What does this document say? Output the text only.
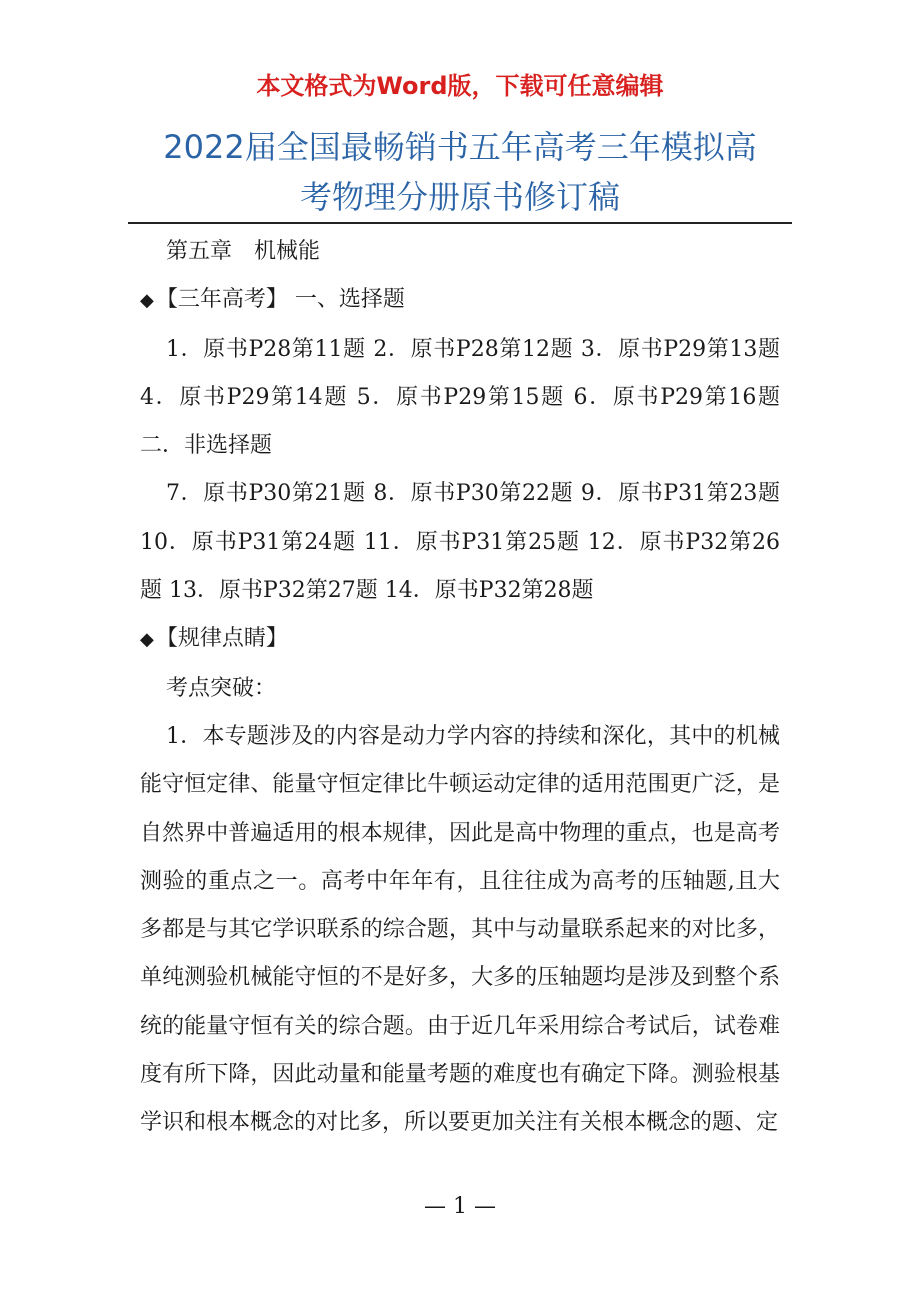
本文格式为Word版，下载可任意编辑
2022届全国最畅销书五年高考三年模拟高
考物理分册原书修订稿

第五章　机械能

◆【三年高考】 一、选择题

1．原书P28第11题 2．原书P28第12题 3．原书P29第13题 4．原书P29第14题 5．原书P29第15题 6．原书P29第16题 二．非选择题

7．原书P30第21题 8．原书P30第22题 9．原书P31第23题 10．原书P31第24题 11．原书P31第25题 12．原书P32第26题 13．原书P32第27题 14．原书P32第28题

◆【规律点睛】

考点突破：

1．本专题涉及的内容是动力学内容的持续和深化，其中的机械能守恒定律、能量守恒定律比牛顿运动定律的适用范围更广泛，是自然界中普遍适用的根本规律，因此是高中物理的重点，也是高考测验的重点之一。高考中年年有，且往往成为高考的压轴题,且大多都是与其它学识联系的综合题，其中与动量联系起来的对比多，单纯测验机械能守恒的不是好多，大多的压轴题均是涉及到整个系统的能量守恒有关的综合题。由于近几年采用综合考试后，试卷难度有所下降，因此动量和能量考题的难度也有确定下降。测验根基学识和根本概念的对比多，所以要更加关注有关根本概念的题、定

— 1 —
